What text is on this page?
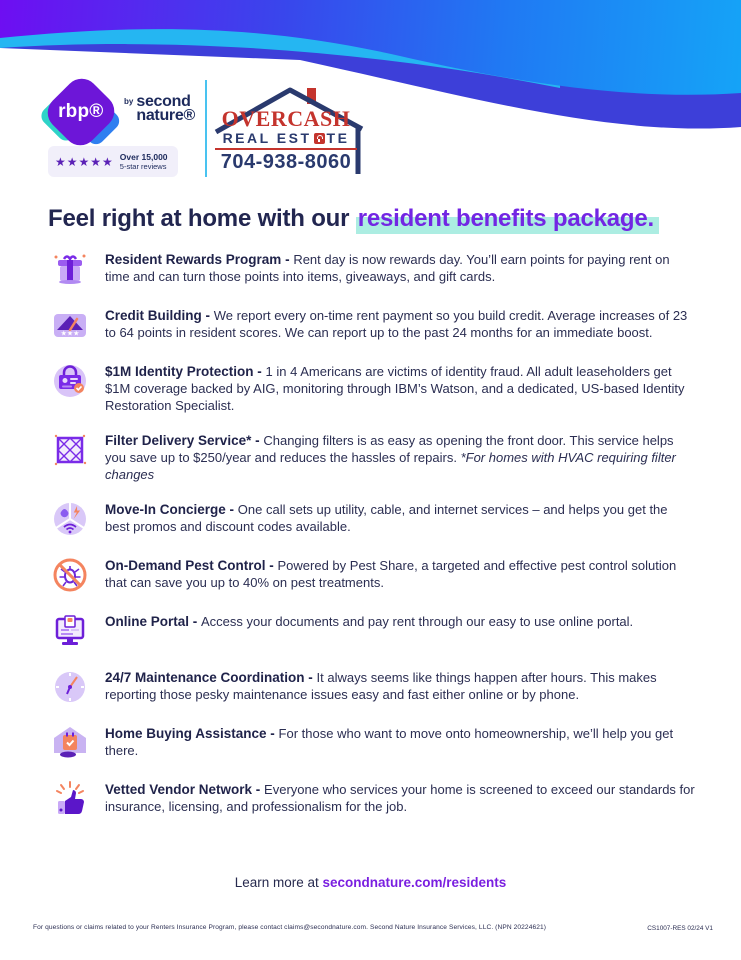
rbp®	by second
nature®
★★★★★ Over 15,000
5-star reviews
OVERCASH
REAL EST TE
704-938-8060
Feel right at home with our resident benefits package.

Resident Rewards Program - Rent day is now rewards day. You’ll earn points for paying rent on time and can turn those points into items, giveaways, and gift cards.

★★★

Credit Building - We report every on-time rent payment so you build credit. Average increases of 23 to 64 points in resident scores. We can report up to the past 24 months for an immediate boost.

$1M Identity Protection - 1 in 4 Americans are victims of identity fraud. All adult leaseholders get $1M coverage backed by AIG, monitoring through IBM’s Watson, and a dedicated, US-based Identity Restoration Specialist.

Filter Delivery Service* - Changing filters is as easy as opening the front door. This service helps you save up to $250/year and reduces the hassles of repairs. *For homes with HVAC requiring filter changes

Move-In Concierge - One call sets up utility, cable, and internet services – and helps you get the best promos and discount codes available.

On-Demand Pest Control - Powered by Pest Share, a targeted and effective pest control solution that can save you up to 40% on pest treatments.

Online Portal - Access your documents and pay rent through our easy to use online portal.

24/7 Maintenance Coordination - It always seems like things happen after hours. This makes reporting those pesky maintenance issues easy and fast either online or by phone.

Home Buying Assistance - For those who want to move onto homeownership, we’ll help you get there.

Vetted Vendor Network - Everyone who services your home is screened to exceed our standards for insurance, licensing, and professionalism for the job.

Learn more at secondnature.com/residents

For questions or claims related to your Renters Insurance Program, please contact claims@secondnature.com. Second Nature Insurance Services, LLC. (NPN 20224621)	CS1007-RES 02/24 V1
